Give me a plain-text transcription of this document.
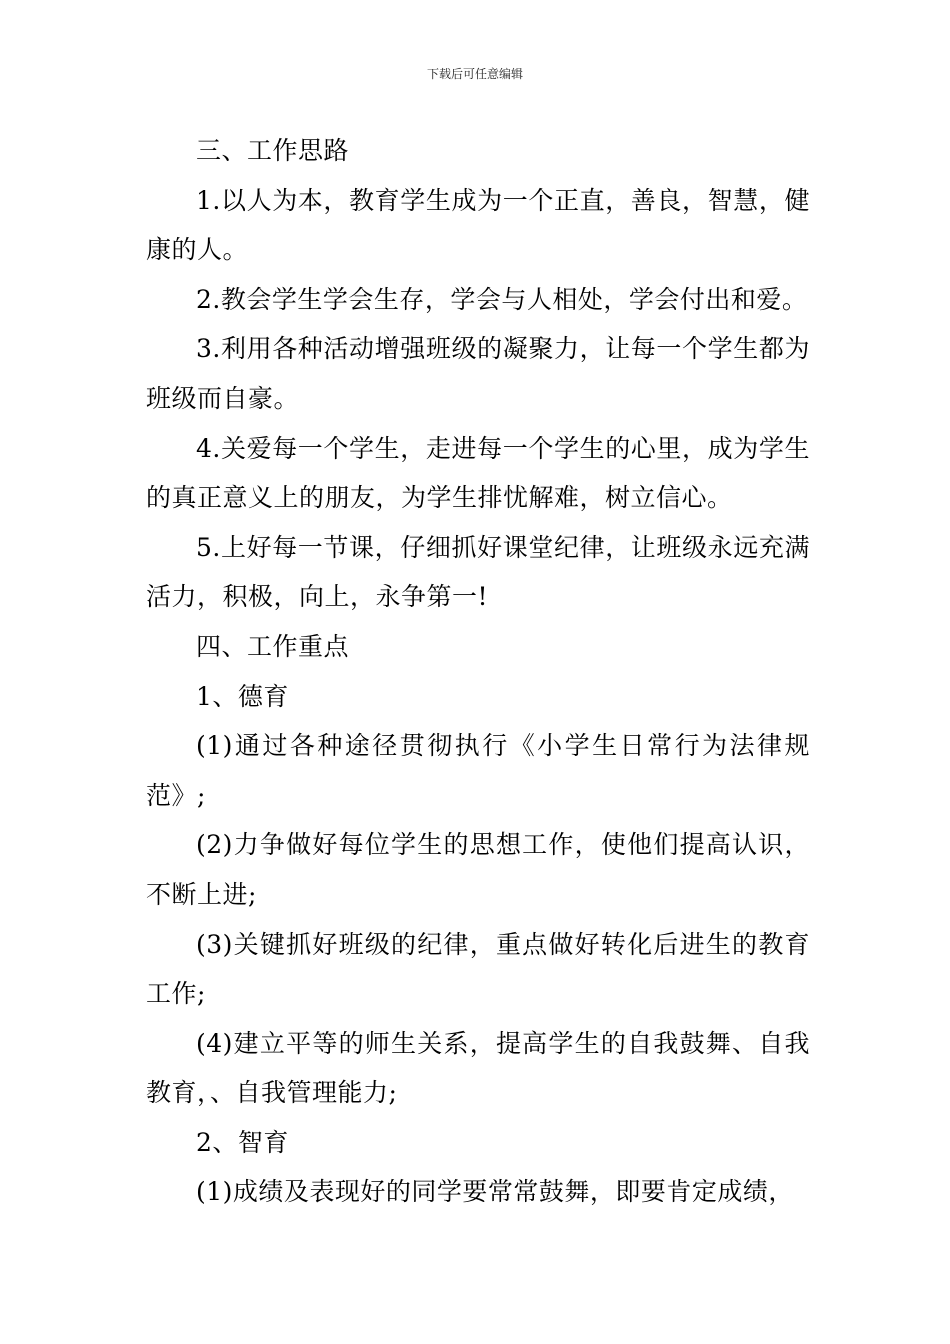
下载后可任意编辑

三、工作思路

1.以人为本，教育学生成为一个正直，善良，智慧，健康的人。

2.教会学生学会生存，学会与人相处，学会付出和爱。

3.利用各种活动增强班级的凝聚力，让每一个学生都为班级而自豪。

4.关爱每一个学生，走进每一个学生的心里，成为学生的真正意义上的朋友，为学生排忧解难，树立信心。

5.上好每一节课，仔细抓好课堂纪律，让班级永远充满活力，积极，向上，永争第一!

四、工作重点

1、德育

(1)通过各种途径贯彻执行《小学生日常行为法律规范》;

(2)力争做好每位学生的思想工作，使他们提高认识，不断上进;

(3)关键抓好班级的纪律，重点做好转化后进生的教育工作;

(4)建立平等的师生关系，提高学生的自我鼓舞、自我教育，、自我管理能力;

2、智育

(1)成绩及表现好的同学要常常鼓舞，即要肯定成绩，
